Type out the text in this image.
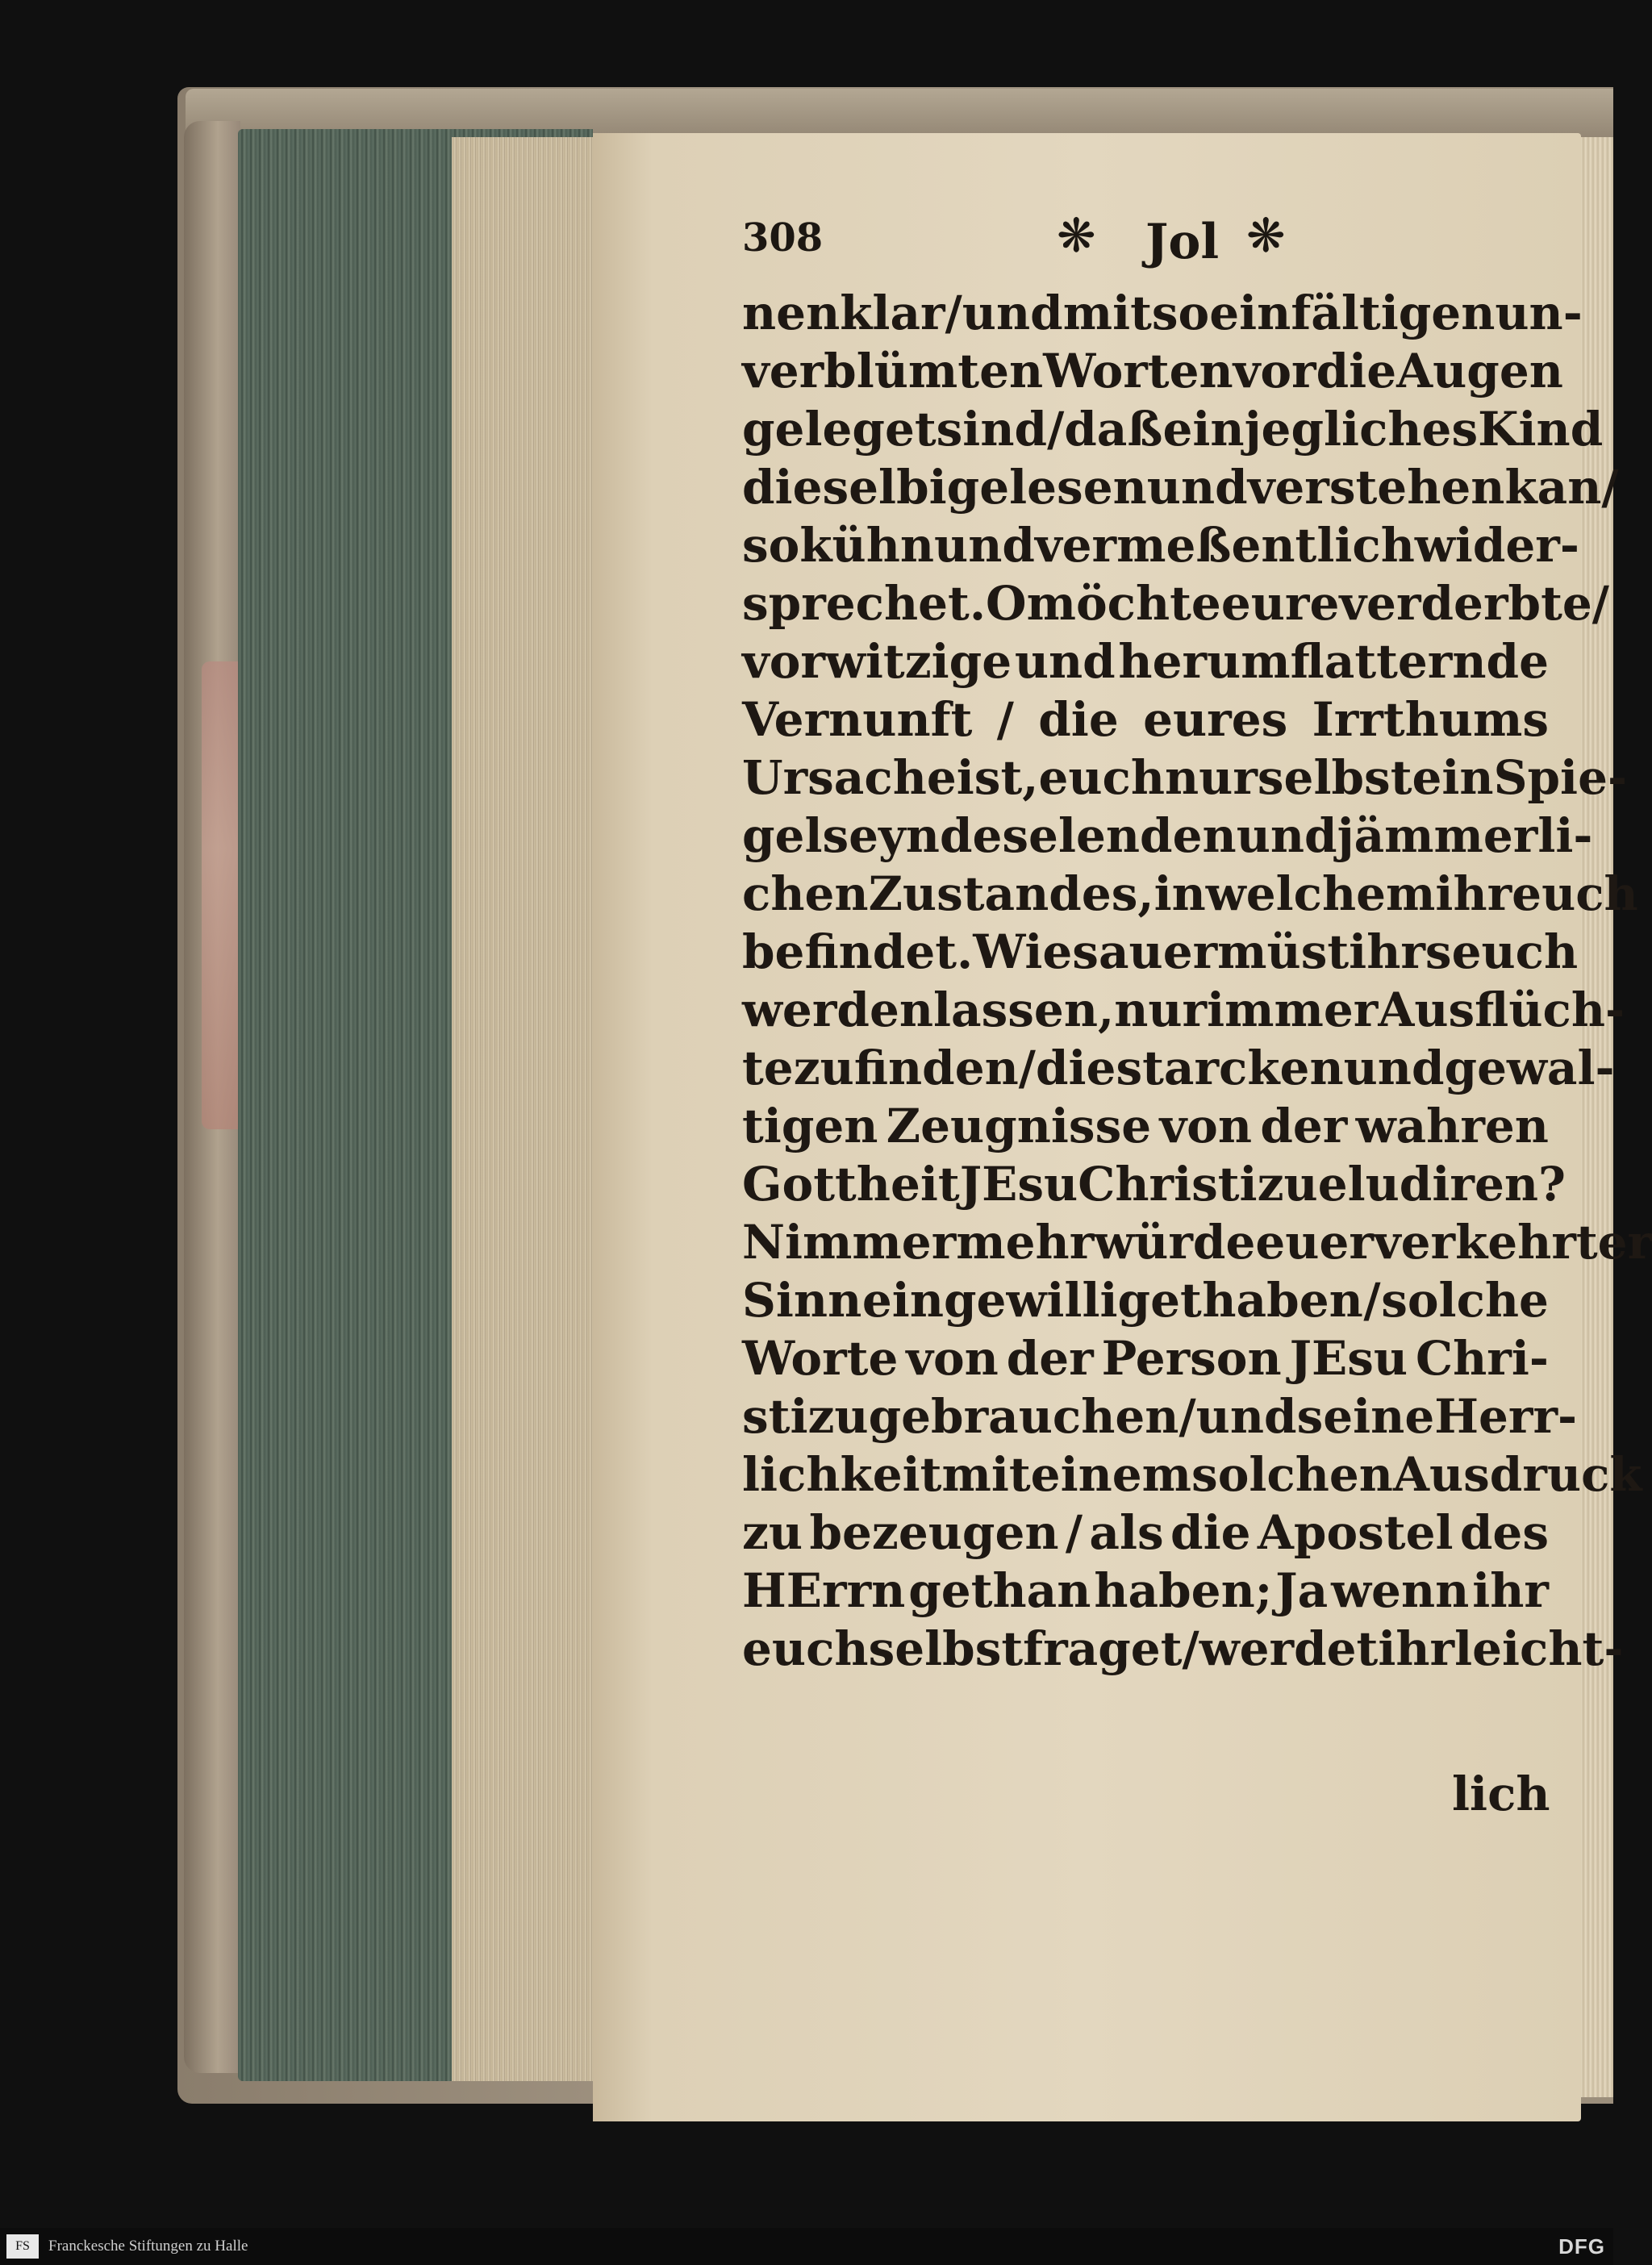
308	❋ Jol ❋
nenklar / und mit so einfältigen un-
verblümten Worten vor die Augen
geleget sind / daß ein jegliches Kind
dieselbige lesen und verstehen kan/
so kühn und vermeßentlich wider-
sprechet. O möchte eure verderbte/
vorwitzige und herumflatternde
Vernunft / die eures Irrthums
Ursache ist, euch nur selbst ein Spie-
gel seyn des elenden und jämmerli-
chen Zustandes, in welchem ihr euch
befindet. Wie sauer müst ihrs euch
werden lassen, nur immer Ausflüch-
te zu finden/ die starcken und gewal-
tigen Zeugnisse von der wahren
Gottheit JEsu Christi zu eludiren?
Nimmermehr würde euer verkehrter
Sinn eingewilliget haben / solche
Worte von der Person JEsu Chri-
sti zu gebrauchen / und seine Herr-
lichkeit mit einem solchen Ausdruck
zu bezeugen / als die Apostel des
HErrn gethan haben; Ja wenn ihr
euch selbst fraget / werdet ihr leicht-
lich
FS	Franckesche Stiftungen zu Halle	DFG
